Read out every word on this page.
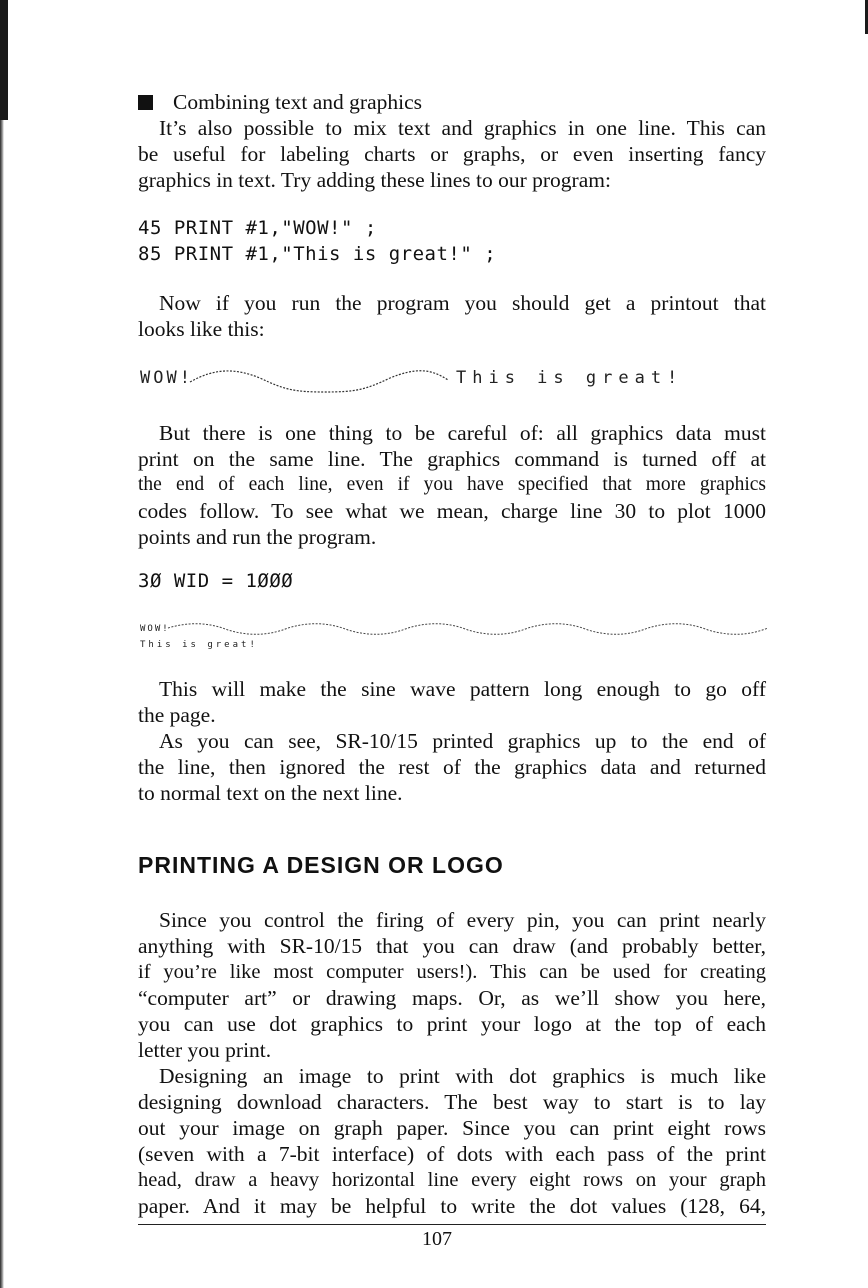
Combining text and graphics
It’s also possible to mix text and graphics in one line. This can
be useful for labeling charts or graphs, or even inserting fancy
graphics in text. Try adding these lines to our program:
45 PRINT #1,"WOW!" ;
85 PRINT #1,"This is great!" ;
Now if you run the program you should get a printout that
looks like this:
WOW!	This is great!
But there is one thing to be careful of: all graphics data must
print on the same line. The graphics command is turned off at
the end of each line, even if you have specified that more graphics
codes follow. To see what we mean, charge line 30 to plot 1000
points and run the program.
3Ø WID = 1ØØØ
WOW!
This is great!
This will make the sine wave pattern long enough to go off
the page.
As you can see, SR-10/15 printed graphics up to the end of
the line, then ignored the rest of the graphics data and returned
to normal text on the next line.
PRINTING A DESIGN OR LOGO
Since you control the firing of every pin, you can print nearly
anything with SR-10/15 that you can draw (and probably better,
if you’re like most computer users!). This can be used for creating
“computer art” or drawing maps. Or, as we’ll show you here,
you can use dot graphics to print your logo at the top of each
letter you print.
Designing an image to print with dot graphics is much like
designing download characters. The best way to start is to lay
out your image on graph paper. Since you can print eight rows
(seven with a 7-bit interface) of dots with each pass of the print
head, draw a heavy horizontal line every eight rows on your graph
paper. And it may be helpful to write the dot values (128, 64,
107
